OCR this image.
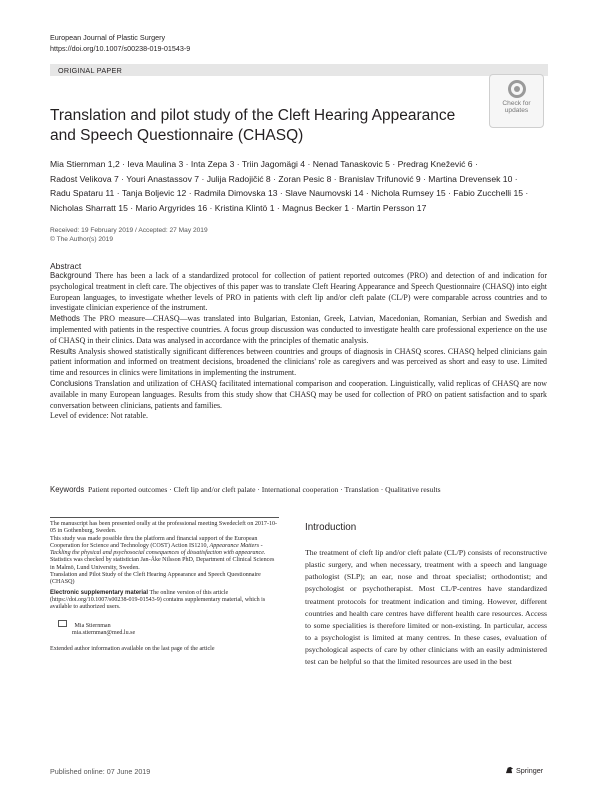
European Journal of Plastic Surgery
https://doi.org/10.1007/s00238-019-01543-9
ORIGINAL PAPER
Check for
updates
Translation and pilot study of the Cleft Hearing Appearance and Speech Questionnaire (CHASQ)
Mia Stiernman 1,2 · Ieva Maulina 3 · Inta Zepa 3 · Triin Jagomägi 4 · Nenad Tanaskovic 5 · Predrag Knežević 6 ·
Radost Velikova 7 · Youri Anastassov 7 · Julija Radojičić 8 · Zoran Pesic 8 · Branislav Trifunović 9 · Martina Drevensek 10 ·
Radu Spataru 11 · Tanja Boljevic 12 · Radmila Dimovska 13 · Slave Naumovski 14 · Nichola Rumsey 15 · Fabio Zucchelli 15 ·
Nicholas Sharratt 15 · Mario Argyrides 16 · Kristina Klintö 1 · Magnus Becker 1 · Martin Persson 17
Received: 19 February 2019 / Accepted: 27 May 2019
© The Author(s) 2019
Abstract

Background There has been a lack of a standardized protocol for collection of patient reported outcomes (PRO) and detection of and indication for psychological treatment in cleft care. The objectives of this paper was to translate Cleft Hearing Appearance and Speech Questionnaire (CHASQ) into eight European languages, to investigate whether levels of PRO in patients with cleft lip and/or cleft palate (CL/P) were comparable across countries and to investigate clinician experience of the instrument.

Methods The PRO measure—CHASQ—was translated into Bulgarian, Estonian, Greek, Latvian, Macedonian, Romanian, Serbian and Swedish and implemented with patients in the respective countries. A focus group discussion was conducted to investigate health care professional experience on the use of CHASQ in their clinics. Data was analysed in accordance with the principles of thematic analysis.

Results Analysis showed statistically significant differences between countries and groups of diagnosis in CHASQ scores. CHASQ helped clinicians gain patient information and informed on treatment decisions, broadened the clinicians' role as caregivers and was perceived as short and easy to use. Limited time and resources in clinics were limitations in implementing the instrument.

Conclusions Translation and utilization of CHASQ facilitated international comparison and cooperation. Linguistically, valid replicas of CHASQ are now available in many European languages. Results from this study show that CHASQ may be used for collection of PRO on patient satisfaction and to spark conversation between clinicians, patients and families.

Level of evidence: Not ratable.

Keywords Patient reported outcomes · Cleft lip and/or cleft palate · International cooperation · Translation · Qualitative results

The manuscript has been presented orally at the professional meeting Swedecleft on 2017-10-05 in Gothenburg, Sweden.

This study was made possible thru the platform and financial support of the European Cooperation for Science and Technology (COST) Action IS1210, Appearance Matters - Tackling the physical and psychosocial consequences of dissatisfaction with appearance.

Statistics was checked by statistician Jan-Åke Nilsson PhD, Department of Clinical Sciences in Malmö, Lund University, Sweden.

Translation and Pilot Study of the Cleft Hearing Appearance and Speech Questionnaire (CHASQ)

Electronic supplementary material The online version of this article (https://doi.org/10.1007/s00238-019-01543-9) contains supplementary material, which is available to authorized users.

Mia Stiernman
mia.stiernman@med.lu.se

Extended author information available on the last page of the article

Introduction
The treatment of cleft lip and/or cleft palate (CL/P) consists of reconstructive plastic surgery, and when necessary, treatment with a speech and language pathologist (SLP); an ear, nose and throat specialist; orthodontist; and psychologist or psychotherapist. Most CL/P-centres have standardized treatment protocols for treatment indication and timing. However, different countries and health care centres have different health care resources. Access to some specialities is therefore limited or non-existing. In particular, access to a psychologist is limited at many centres. In these cases, evaluation of psychological aspects of care by other clinicians with an easily administered test can be helpful so that the limited resources are used in the best
Published online: 07 June 2019	Springer
